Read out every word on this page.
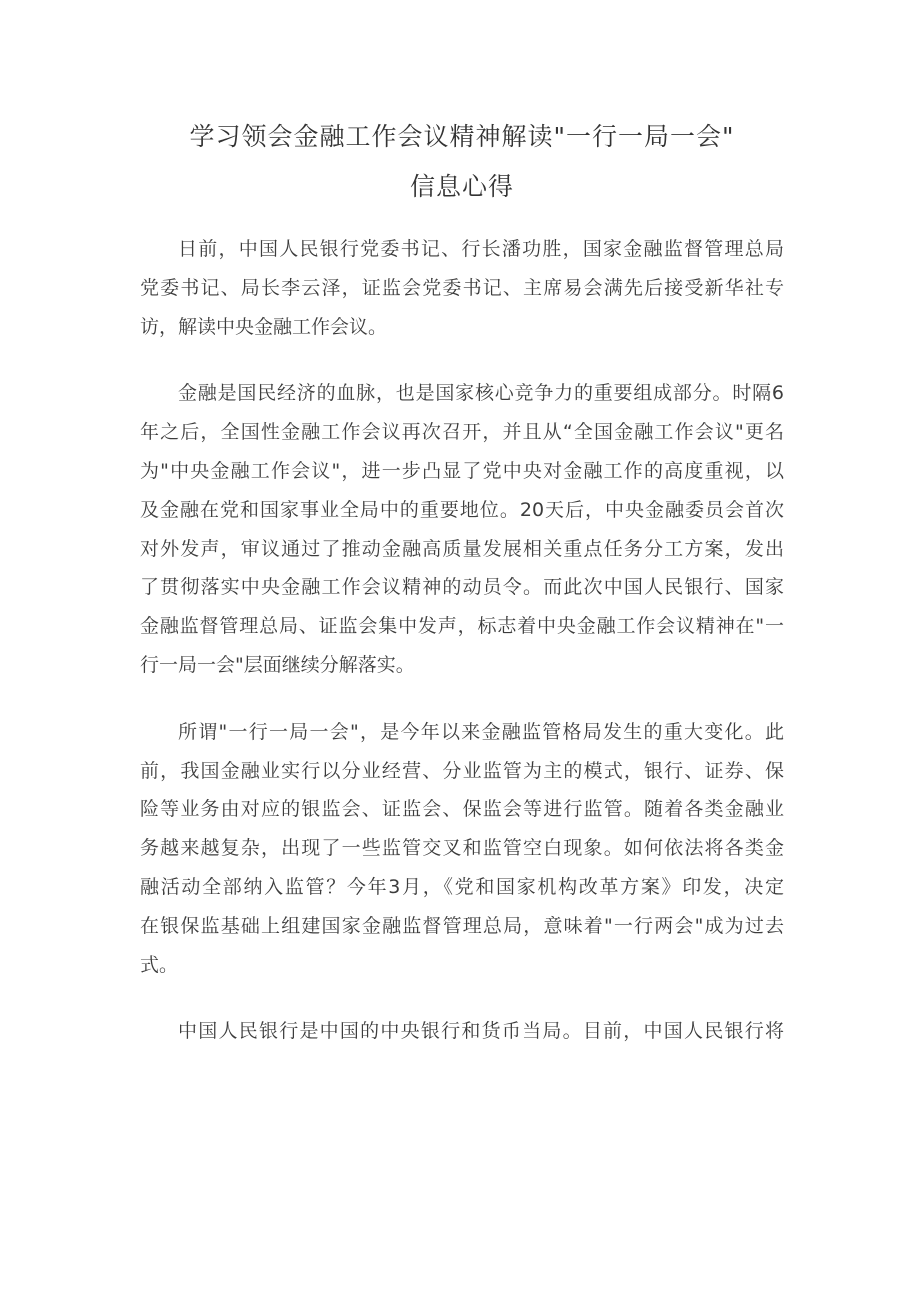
学习领会金融工作会议精神解读"一行一局一会"
信息心得
日前，中国人民银行党委书记、行长潘功胜，国家金融监督管理总局
党委书记、局长李云泽，证监会党委书记、主席易会满先后接受新华社专
访，解读中央金融工作会议。
金融是国民经济的血脉，也是国家核心竞争力的重要组成部分。时隔6
年之后，全国性金融工作会议再次召开，并且从“全国金融工作会议"更名
为"中央金融工作会议"，进一步凸显了党中央对金融工作的高度重视，以
及金融在党和国家事业全局中的重要地位。20天后，中央金融委员会首次
对外发声，审议通过了推动金融高质量发展相关重点任务分工方案，发出
了贯彻落实中央金融工作会议精神的动员令。而此次中国人民银行、国家
金融监督管理总局、证监会集中发声，标志着中央金融工作会议精神在"一
行一局一会"层面继续分解落实。
所谓"一行一局一会"，是今年以来金融监管格局发生的重大变化。此
前，我国金融业实行以分业经营、分业监管为主的模式，银行、证券、保
险等业务由对应的银监会、证监会、保监会等进行监管。随着各类金融业
务越来越复杂，出现了一些监管交叉和监管空白现象。如何依法将各类金
融活动全部纳入监管？今年3月，《党和国家机构改革方案》印发，决定
在银保监基础上组建国家金融监督管理总局，意味着"一行两会"成为过去
式。
中国人民银行是中国的中央银行和货币当局。目前，中国人民银行将
